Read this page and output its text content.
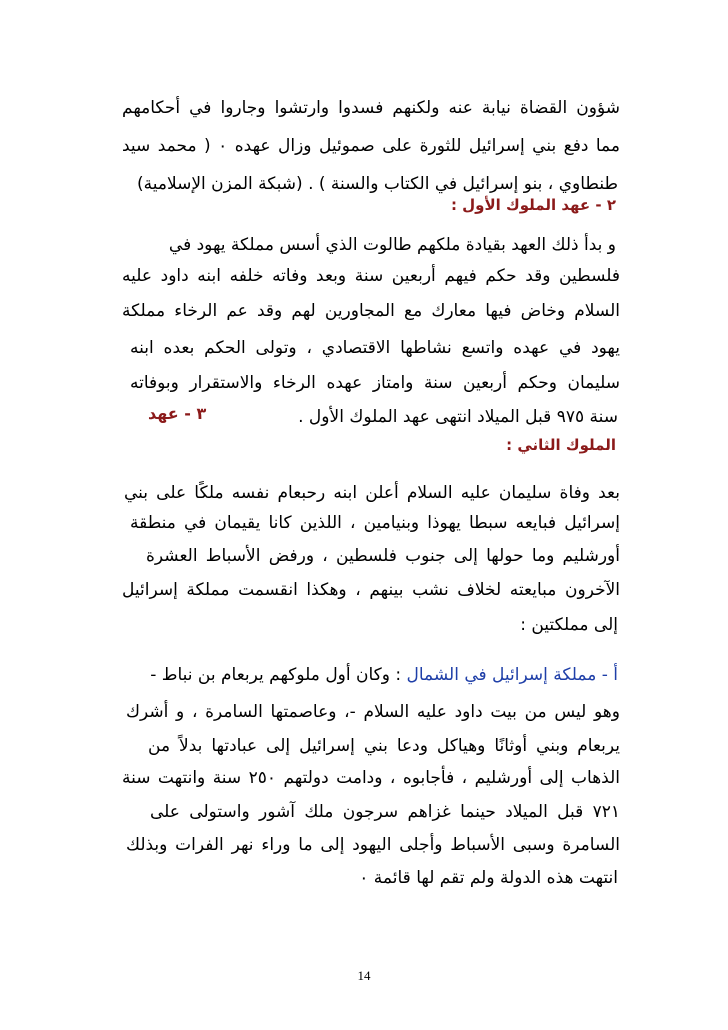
شؤون القضاة نيابة عنه ولكنهم فسدوا وارتشوا وجاروا في أحكامهم
مما دفع بني إسرائيل للثورة على صموئيل وزال عهده ٠ ( محمد سيد
طنطاوي ، بنو إسرائيل في الكتاب والسنة ) . (شبكة المزن الإسلامية)
٢ - عهد الملوك الأول :
و بدأ ذلك العهد بقيادة ملكهم طالوت الذي أسس مملكة يهود في
فلسطين وقد حكم فيهم أربعين سنة وبعد وفاته خلفه ابنه داود عليه
السلام وخاض فيها معارك مع المجاورين لهم وقد عم الرخاء مملكة
يهود في عهده واتسع نشاطها الاقتصادي ، وتولى الحكم بعده ابنه
سليمان وحكم أربعين سنة وامتاز عهده الرخاء والاستقرار وبوفاته
سنة ٩٧٥ قبل الميلاد انتهى عهد الملوك الأول .
٣ - عهد
الملوك الثاني :
بعد وفاة سليمان عليه السلام أعلن ابنه رحبعام نفسه ملكًا على بني
إسرائيل فبايعه سبطا يهوذا وبنيامين ، اللذين كانا يقيمان في منطقة
أورشليم وما حولها إلى جنوب فلسطين ، ورفض الأسباط العشرة
الآخرون مبايعته لخلاف نشب بينهم ، وهكذا انقسمت مملكة إسرائيل
إلى مملكتين :
أ - مملكة إسرائيل في الشمال : وكان أول ملوكهم يربعام بن نباط -
وهو ليس من بيت داود عليه السلام -، وعاصمتها السامرة ، و أشرك
يربعام وبني أوثانًا وهياكل ودعا بني إسرائيل إلى عبادتها بدلاً من
الذهاب إلى أورشليم ، فأجابوه ، ودامت دولتهم ٢٥٠ سنة وانتهت سنة
٧٢١ قبل الميلاد حينما غزاهم سرجون ملك آشور واستولى على
السامرة وسبى الأسباط وأجلى اليهود إلى ما وراء نهر الفرات وبذلك
انتهت هذه الدولة ولم تقم لها قائمة ٠
14
